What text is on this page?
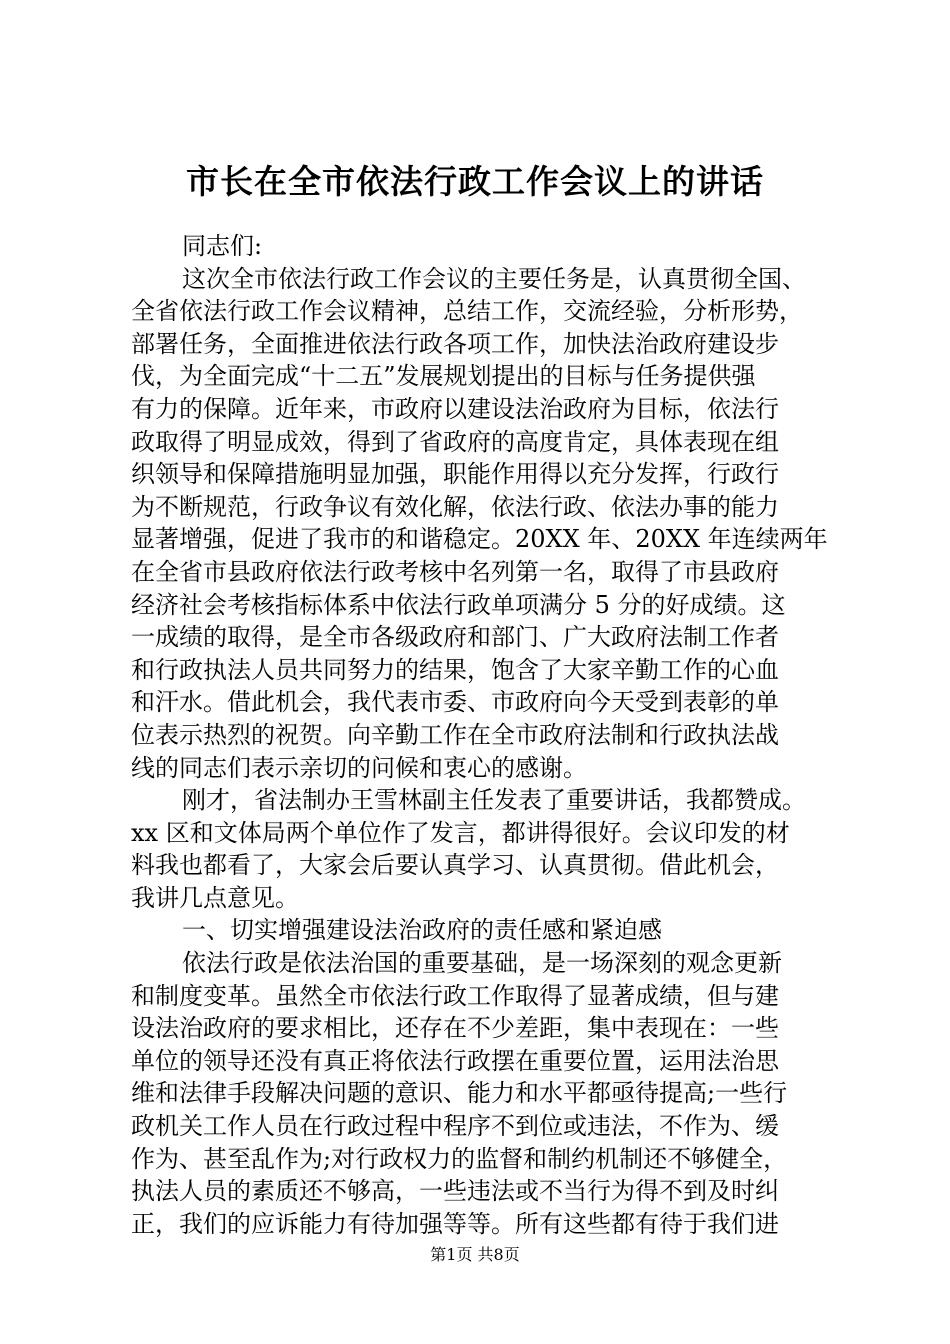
市长在全市依法行政工作会议上的讲话
同志们:
这次全市依法行政工作会议的主要任务是，认真贯彻全国、
全省依法行政工作会议精神，总结工作，交流经验，分析形势，
部署任务，全面推进依法行政各项工作，加快法治政府建设步
伐，为全面完成“十二五”发展规划提出的目标与任务提供强
有力的保障。近年来，市政府以建设法治政府为目标，依法行
政取得了明显成效，得到了省政府的高度肯定，具体表现在组
织领导和保障措施明显加强，职能作用得以充分发挥，行政行
为不断规范，行政争议有效化解，依法行政、依法办事的能力
显著增强，促进了我市的和谐稳定。20XX 年、20XX 年连续两年
在全省市县政府依法行政考核中名列第一名，取得了市县政府
经济社会考核指标体系中依法行政单项满分 5 分的好成绩。这
一成绩的取得，是全市各级政府和部门、广大政府法制工作者
和行政执法人员共同努力的结果，饱含了大家辛勤工作的心血
和汗水。借此机会，我代表市委、市政府向今天受到表彰的单
位表示热烈的祝贺。向辛勤工作在全市政府法制和行政执法战
线的同志们表示亲切的问候和衷心的感谢。
刚才，省法制办王雪林副主任发表了重要讲话，我都赞成。
xx 区和文体局两个单位作了发言，都讲得很好。会议印发的材
料我也都看了，大家会后要认真学习、认真贯彻。借此机会，
我讲几点意见。
一、切实增强建设法治政府的责任感和紧迫感
依法行政是依法治国的重要基础，是一场深刻的观念更新
和制度变革。虽然全市依法行政工作取得了显著成绩，但与建
设法治政府的要求相比，还存在不少差距，集中表现在：一些
单位的领导还没有真正将依法行政摆在重要位置，运用法治思
维和法律手段解决问题的意识、能力和水平都亟待提高;一些行
政机关工作人员在行政过程中程序不到位或违法，不作为、缓
作为、甚至乱作为;对行政权力的监督和制约机制还不够健全，
执法人员的素质还不够高，一些违法或不当行为得不到及时纠
正，我们的应诉能力有待加强等等。所有这些都有待于我们进
第1页 共8页
